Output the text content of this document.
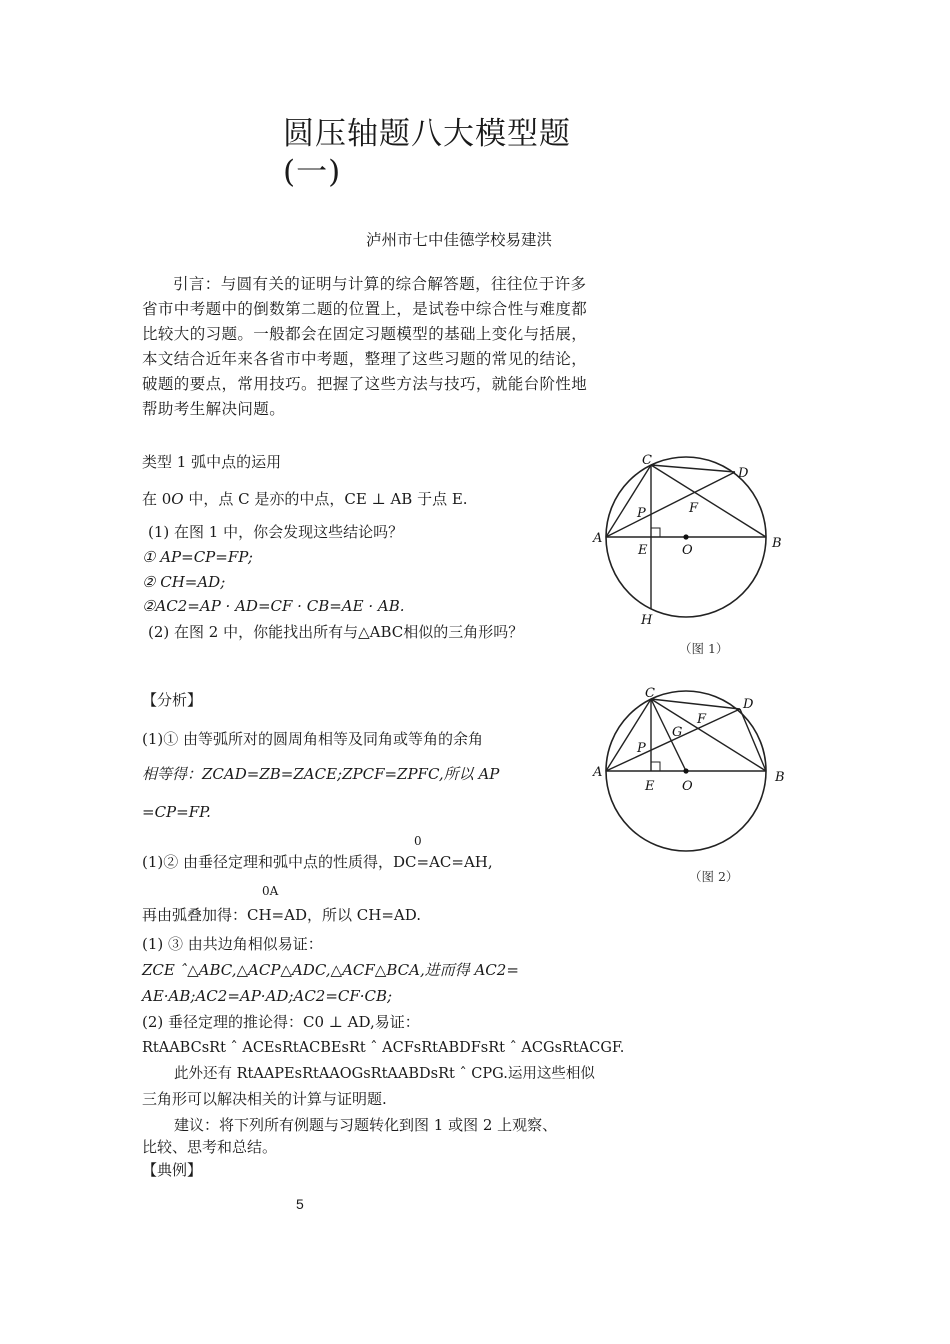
圆压轴题八大模型题
(一)
泸州市七中佳德学校易建洪
引言：与圆有关的证明与计算的综合解答题，往往位于许多省市中考题中的倒数第二题的位置上，是试卷中综合性与难度都比较大的习题。一般都会在固定习题模型的基础上变化与括展，本文结合近年来各省市中考题，整理了这些习题的常见的结论，破题的要点，常用技巧。把握了这些方法与技巧，就能台阶性地帮助考生解决问题。
类型 1 弧中点的运用
在 0𝑂 中，点 C 是亦的中点，CE ⊥ AB 于点 E.
(1) 在图 1 中，你会发现这些结论吗？
① AP=CP=FP;
② CH=AD;
②AC2=AP · AD=CF · CB=AE · AB.
(2) 在图 2 中，你能找出所有与△ABC相似的三角形吗？
【分析】
(1)① 由等弧所对的圆周角相等及同角或等角的余角
相等得：ZCAD=ZB=ZACE;ZPCF=ZPFC,所以 AP
=CP=FP.
0
(1)② 由垂径定理和弧中点的性质得，DC=AC=AH,
0A
再由弧叠加得：CH=AD，所以 CH=AD.
(1) ③ 由共边角相似易证：
ZCE ˆ△ABC,△ACP△ADC,△ACF△BCA,进而得 AC2=
AE·AB;AC2=AP·AD;AC2=CF·CB;
(2) 垂径定理的推论得：C0 ⊥ AD,易证：
RtAABCsRt ˆ ACEsRtACBEsRt ˆ ACFsRtABDFsRt ˆ ACGsRtACGF.
此外还有 RtAAPEsRtAAOGsRtAABDsRt ˆ CPG.运用这些相似
三角形可以解决相关的计算与证明题.
建议：将下列所有例题与习题转化到图 1 或图 2 上观察、
比较、思考和总结。
【典例】
5
C
D
A	B
P	F
E	O
H
（图 1）
C
D
A	B
P
G
F
E O
（图 2）
